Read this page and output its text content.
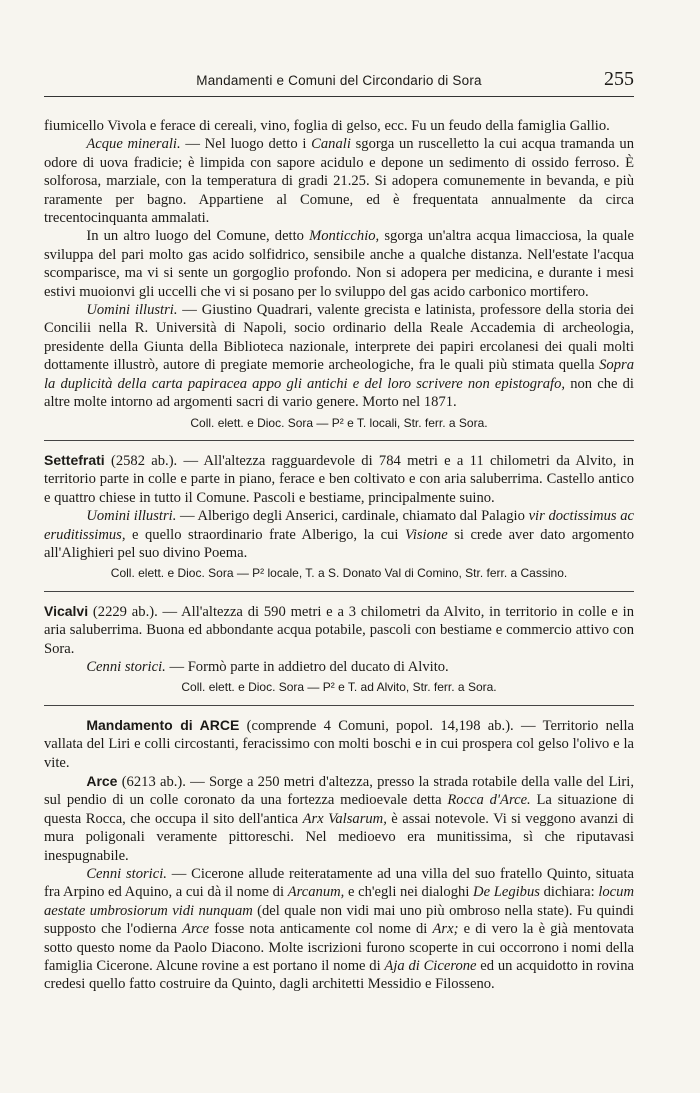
Mandamenti e Comuni del Circondario di Sora	255

fiumicello Vivola e ferace di cereali, vino, foglia di gelso, ecc. Fu un feudo della famiglia Gallio.

Acque minerali. — Nel luogo detto i Canali sgorga un ruscelletto la cui acqua tramanda un odore di uova fradicie; è limpida con sapore acidulo e depone un sedimento di ossido ferroso. È solforosa, marziale, con la temperatura di gradi 21.25. Si adopera comunemente in bevanda, e più raramente per bagno. Appartiene al Comune, ed è frequentata annualmente da circa trecentocinquanta ammalati.

In un altro luogo del Comune, detto Monticchio, sgorga un'altra acqua limacciosa, la quale sviluppa del pari molto gas acido solfidrico, sensibile anche a qualche distanza. Nell'estate l'acqua scomparisce, ma vi si sente un gorgoglio profondo. Non si adopera per medicina, e durante i mesi estivi muoionvi gli uccelli che vi si posano per lo sviluppo del gas acido carbonico mortifero.

Uomini illustri. — Giustino Quadrari, valente grecista e latinista, professore della storia dei Concilii nella R. Università di Napoli, socio ordinario della Reale Accademia di archeologia, presidente della Giunta della Biblioteca nazionale, interprete dei papiri ercolanesi dei quali molti dottamente illustrò, autore di pregiate memorie archeologiche, fra le quali più stimata quella Sopra la duplicità della carta papiracea appo gli antichi e del loro scrivere non epistografo, non che di altre molte intorno ad argomenti sacri di vario genere. Morto nel 1871.

Coll. elett. e Dioc. Sora — P² e T. locali, Str. ferr. a Sora.

Settefrati (2582 ab.). — All'altezza ragguardevole di 784 metri e a 11 chilometri da Alvito, in territorio parte in colle e parte in piano, ferace e ben coltivato e con aria saluberrima. Castello antico e quattro chiese in tutto il Comune. Pascoli e bestiame, principalmente suino.

Uomini illustri. — Alberigo degli Anserici, cardinale, chiamato dal Palagio vir doctissimus ac eruditissimus, e quello straordinario frate Alberigo, la cui Visione si crede aver dato argomento all'Alighieri pel suo divino Poema.

Coll. elett. e Dioc. Sora — P² locale, T. a S. Donato Val di Comino, Str. ferr. a Cassino.

Vicalvi (2229 ab.). — All'altezza di 590 metri e a 3 chilometri da Alvito, in territorio in colle e in aria saluberrima. Buona ed abbondante acqua potabile, pascoli con bestiame e commercio attivo con Sora.

Cenni storici. — Formò parte in addietro del ducato di Alvito.

Coll. elett. e Dioc. Sora — P² e T. ad Alvito, Str. ferr. a Sora.

Mandamento di ARCE (comprende 4 Comuni, popol. 14,198 ab.). — Territorio nella vallata del Liri e colli circostanti, feracissimo con molti boschi e in cui prospera col gelso l'olivo e la vite.

Arce (6213 ab.). — Sorge a 250 metri d'altezza, presso la strada rotabile della valle del Liri, sul pendio di un colle coronato da una fortezza medioevale detta Rocca d'Arce. La situazione di questa Rocca, che occupa il sito dell'antica Arx Valsarum, è assai notevole. Vi si veggono avanzi di mura poligonali veramente pittoreschi. Nel medioevo era munitissima, sì che riputavasi inespugnabile.

Cenni storici. — Cicerone allude reiteratamente ad una villa del suo fratello Quinto, situata fra Arpino ed Aquino, a cui dà il nome di Arcanum, e ch'egli nei dialoghi De Legibus dichiara: locum aestate umbrosiorum vidi nunquam (del quale non vidi mai uno più ombroso nella state). Fu quindi supposto che l'odierna Arce fosse nota anticamente col nome di Arx; e di vero la è già mentovata sotto questo nome da Paolo Diacono. Molte iscrizioni furono scoperte in cui occorrono i nomi della famiglia Cicerone. Alcune rovine a est portano il nome di Aja di Cicerone ed un acquidotto in rovina credesi quello fatto costruire da Quinto, dagli architetti Messidio e Filosseno.
